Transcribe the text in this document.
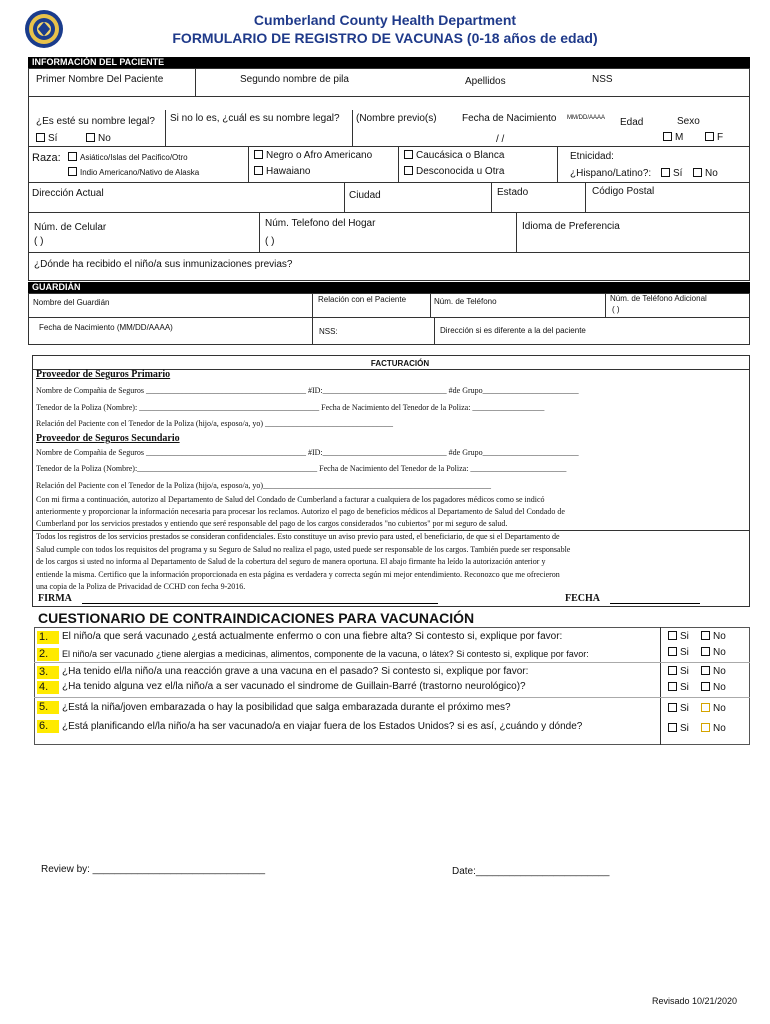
Cumberland County Health Department
FORMULARIO DE REGISTRO DE VACUNAS (0-18 años de edad)
INFORMACIÓN DEL PACIENTE
Primer Nombre Del Paciente	Segundo nombre de pila	Apellidos	NSS
¿Es esté su nombre legal?
Sí	No
Si no lo es, ¿cuál es su nombre legal? (Nombre previo(s)	Fecha de Nacimiento MM/DD/AAAA
/ /
Edad	Sexo
M	F
Raza:	Asiático/Islas del Pacifico/Otro
Indio Americano/Nativo de Alaska
Negro o Afro Americano
Hawaiano
Caucásica o Blanca
Desconocida u Otra
Etnicidad:
¿Hispano/Latino?:	Sí	No
Dirección Actual	Ciudad	Estado	Código Postal
Núm. de Celular
( )
Núm. Telefono del Hogar
( )
Idioma de Preferencia
¿Dónde ha recibido el niño/a sus inmunizaciones previas?
GUARDIÁN
Nombre del Guardián	Relación con el Paciente	Núm. de Teléfono	Núm. de Teléfono Adicional
( )
Fecha de Nacimiento (MM/DD/AAAA)	NSS:	Dirección si es diferente a la del paciente
FACTURACIÓN
Proveedor de Seguros Primario
Nombre de Compañia de Seguros ________________________________________ #ID:_______________________________ #de Grupo________________________
Tenedor de la Poliza (Nombre): _____________________________________________ Fecha de Nacimiento del Tenedor de la Poliza: __________________
Relación del Paciente con el Tenedor de la Poliza (hijo/a, esposo/a, yo) ________________________________
Proveedor de Seguros Secundario
Nombre de Compañia de Seguros ________________________________________ #ID:_______________________________ #de Grupo________________________
Tenedor de la Poliza (Nombre):_____________________________________________ Fecha de Nacimiento del Tenedor de la Poliza: ________________________
Relación del Paciente con el Tenedor de la Poliza (hijo/a, esposo/a, yo)_________________________________________________________
Con mi firma a continuación, autorizo al Departamento de Salud del Condado de Cumberland a facturar a cualquiera de los pagadores médicos como se indicó
anteriormente y proporcionar la información necesaria para procesar los reclamos. Autorizo el pago de beneficios médicos al Departamento de Salud del Condado de
Cumberland por los servicios prestados y entiendo que seré responsable del pago de los cargos considerados "no cubiertos" por mi seguro de salud.
Todos los registros de los servicios prestados se consideran confidenciales. Esto constituye un aviso previo para usted, el beneficiario, de que si el Departamento de
Salud cumple con todos los requisitos del programa y su Seguro de Salud no realiza el pago, usted puede ser responsable de los cargos. También puede ser responsable
de los cargos si usted no informa al Departamento de Salud de la cobertura del seguro de manera oportuna. El abajo firmante ha leído la autorización anterior y
entiende la misma. Certifico que la información proporcionada en esta página es verdadera y correcta según mi mejor entendimiento. Reconozco que me ofrecieron
una copia de la Poliza de Privacidad de CCHD con fecha 9-2016.
FIRMA	FECHA
CUESTIONARIO DE CONTRAINDICACIONES PARA VACUNACIÓN
1.	El niño/a que será vacunado ¿está actualmente enfermo o con una fiebre alta? Si contesto si, explique por favor:	Si	No
2.	El niño/a ser vacunado ¿tiene alergias a medicinas, alimentos, componente de la vacuna, o látex? Si contesto si, explique por favor:	Si	No
3.	¿Ha tenido el/la niño/a una reacción grave a una vacuna en el pasado? Si contesto si, explique por favor:	Si	No
4.	¿Ha tenido alguna vez el/la niño/a a ser vacunado el sindrome de Guillain-Barré (trastorno neurológico)?	Si	No
5.	¿Está la niña/joven embarazada o hay la posibilidad que salga embarazada durante el próximo mes?	Si	No
6.	¿Está planificando el/la niño/a ha ser vacunado/a en viajar fuera de los Estados Unidos? si es así, ¿cuándo y dónde?	Si	No
Review by: _______________________________	Date:________________________
Revisado 10/21/2020
